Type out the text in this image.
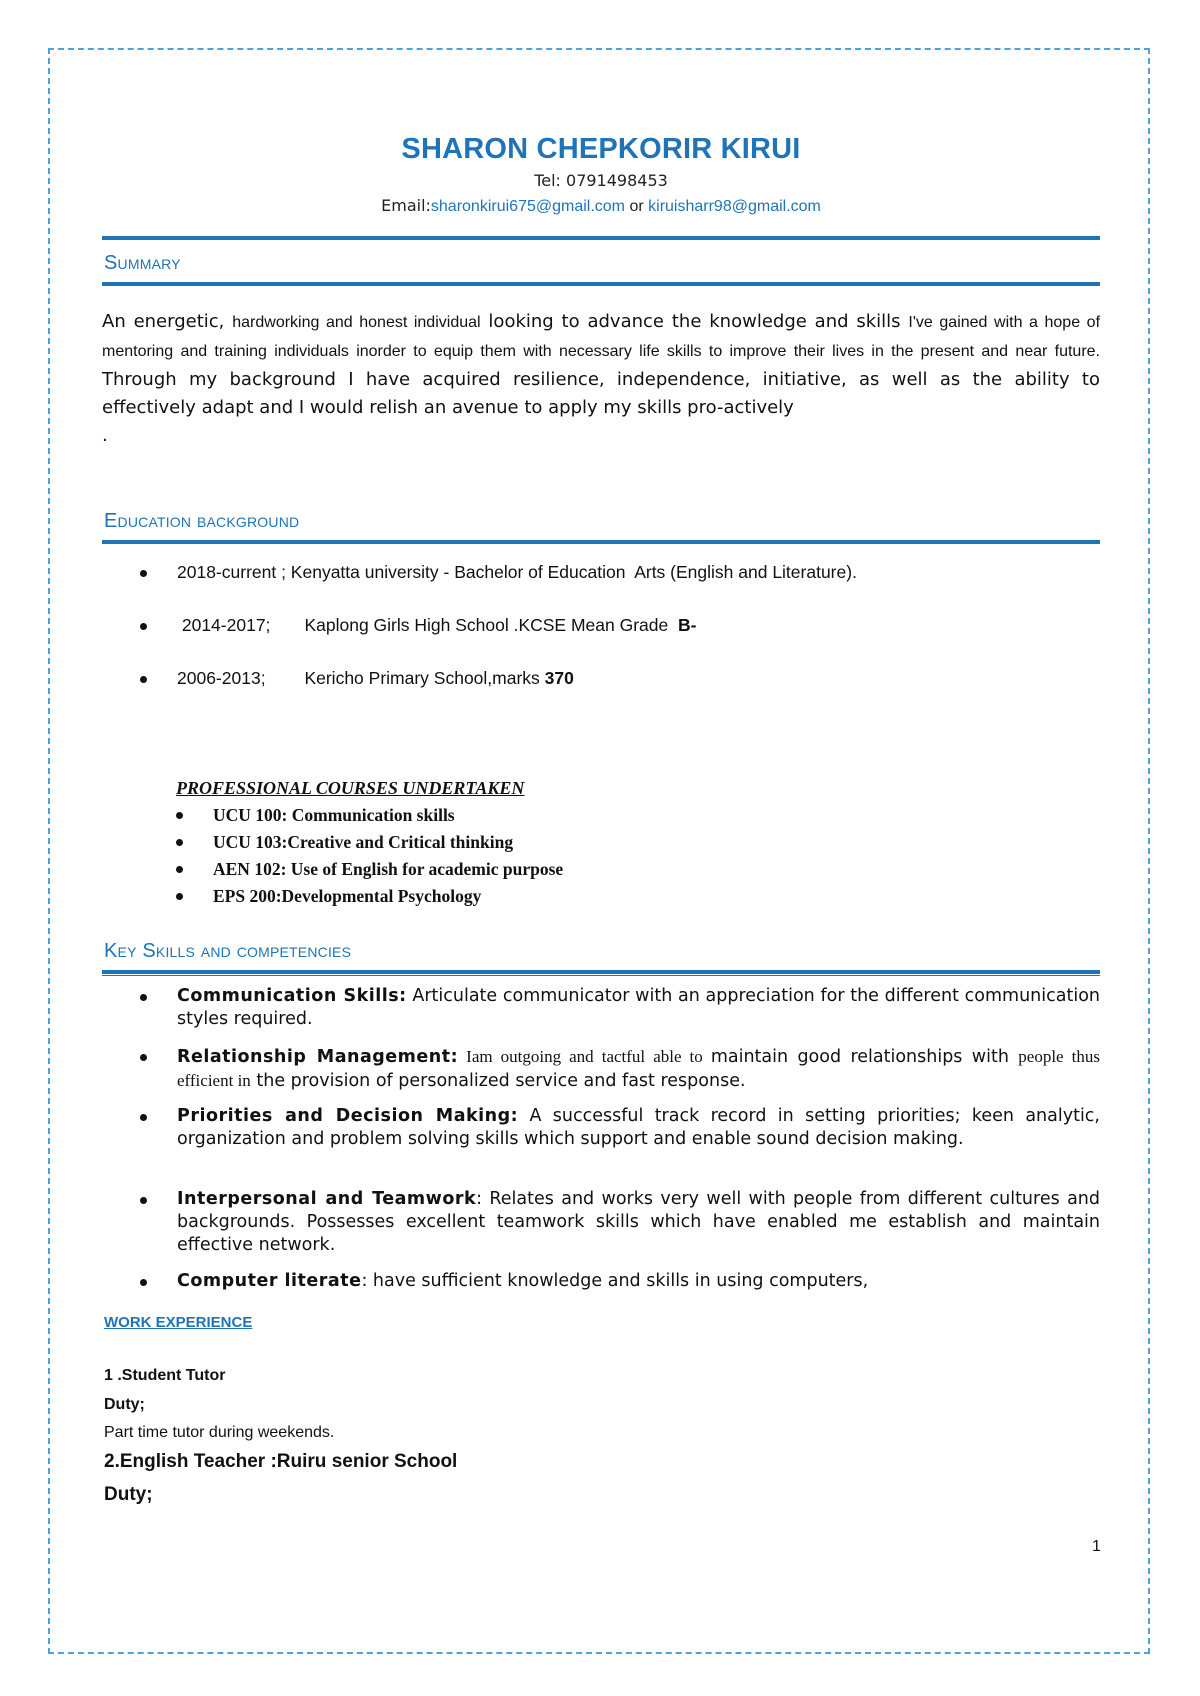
SHARON CHEPKORIR KIRUI
Tel: 0791498453
Email:sharonkirui675@gmail.com or kiruisharr98@gmail.com
Summary
An energetic, hardworking and honest individual looking to advance the knowledge and skills I've gained with a hope of mentoring and training individuals inorder to equip them with necessary life skills to improve their lives in the present and near future. Through my background I have acquired resilience, independence, initiative, as well as the ability to effectively adapt and I would relish an avenue to apply my skills pro-actively
.
Education background

2018-current ; Kenyatta university - Bachelor of Education  Arts (English and Literature).

2014-2017;       Kaplong Girls High School .KCSE Mean Grade  B-

2006-2013;        Kericho Primary School,marks 370

PROFESSIONAL COURSES UNDERTAKEN
UCU 100: Communication skills
UCU 103:Creative and Critical thinking
AEN 102: Use of English for academic purpose
EPS 200:Developmental Psychology
Key Skills and competencies
Communication Skills: Articulate communicator with an appreciation for the different communication styles required.
Relationship Management: Iam outgoing and tactful able to maintain good relationships with people thus efficient in the provision of personalized service and fast response.
Priorities and Decision Making: A successful track record in setting priorities; keen analytic, organization and problem solving skills which support and enable sound decision making.
Interpersonal and Teamwork: Relates and works very well with people from different cultures and backgrounds. Possesses excellent teamwork skills which have enabled me establish and maintain effective network.
Computer literate: have sufficient knowledge and skills in using computers,
WORK EXPERIENCE
1 .Student Tutor
Duty;
Part time tutor during weekends.
2.English Teacher :Ruiru senior School
Duty;
1
